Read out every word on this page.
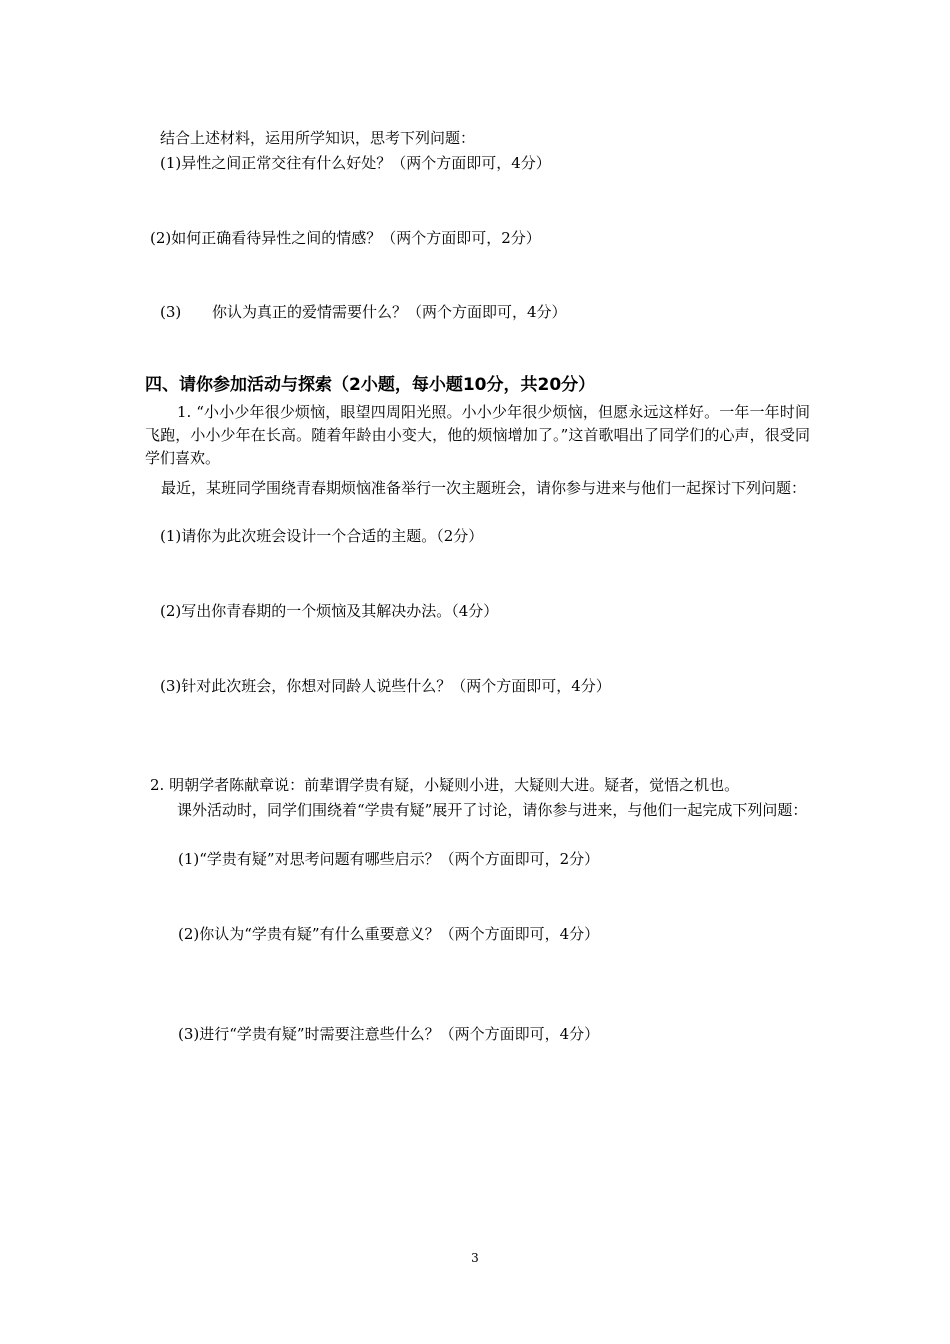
结合上述材料，运用所学知识，思考下列问题：
(1)异性之间正常交往有什么好处？（两个方面即可，4分）
(2)如何正确看待异性之间的情感？（两个方面即可，2分）
(3) 你认为真正的爱情需要什么？（两个方面即可，4分）
四、请你参加活动与探索（2小题，每小题10分，共20分）
1. “小小少年很少烦恼，眼望四周阳光照。小小少年很少烦恼，但愿永远这样好。一年一年时间飞跑，小小少年在长高。随着年龄由小变大，他的烦恼增加了。”这首歌唱出了同学们的心声，很受同学们喜欢。
最近，某班同学围绕青春期烦恼准备举行一次主题班会，请你参与进来与他们一起探讨下列问题：
(1)请你为此次班会设计一个合适的主题。（2分）
(2)写出你青春期的一个烦恼及其解决办法。（4分）
(3)针对此次班会，你想对同龄人说些什么？（两个方面即可，4分）
2. 明朝学者陈献章说：前辈谓学贵有疑，小疑则小进，大疑则大进。疑者，觉悟之机也。
课外活动时，同学们围绕着“学贵有疑”展开了讨论，请你参与进来，与他们一起完成下列问题：
(1)“学贵有疑”对思考问题有哪些启示？（两个方面即可，2分）
(2)你认为“学贵有疑”有什么重要意义？（两个方面即可，4分）
(3)进行“学贵有疑”时需要注意些什么？（两个方面即可，4分）
3
